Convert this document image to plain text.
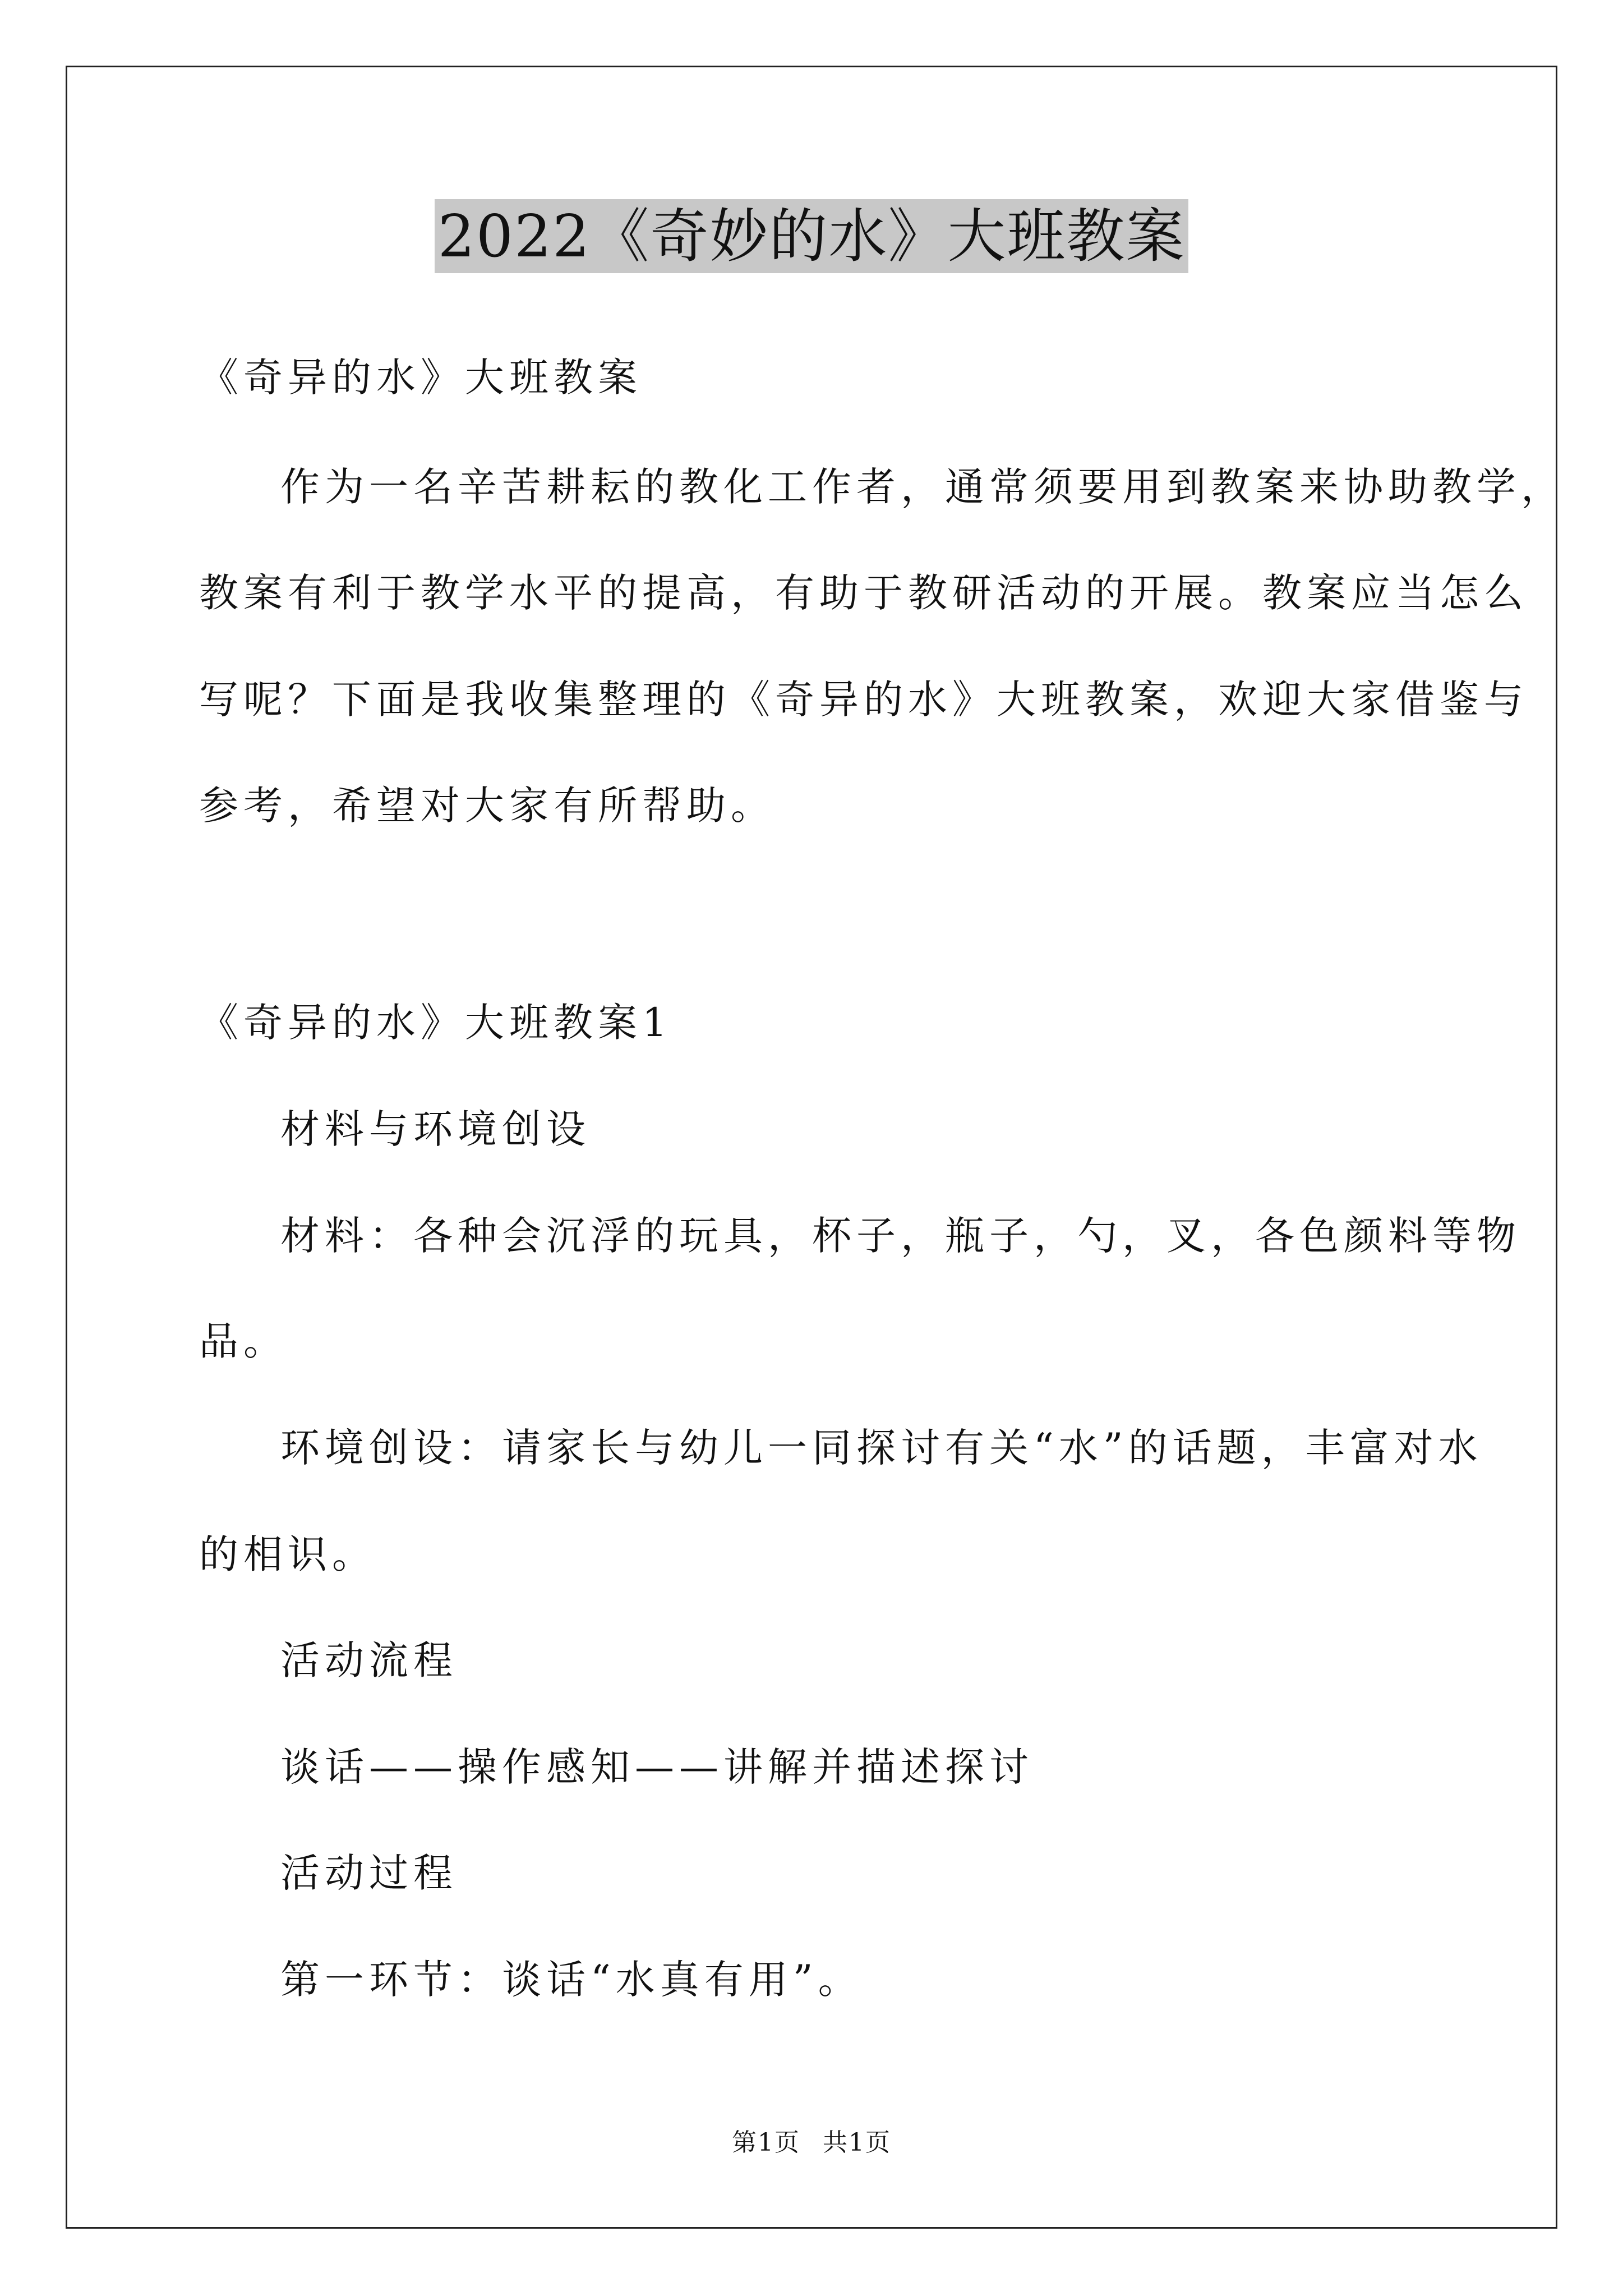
2022《奇妙的水》大班教案
《奇异的水》大班教案
作为一名辛苦耕耘的教化工作者，通常须要用到教案来协助教学，
教案有利于教学水平的提高，有助于教研活动的开展。教案应当怎么
写呢？下面是我收集整理的《奇异的水》大班教案，欢迎大家借鉴与
参考，希望对大家有所帮助。
《奇异的水》大班教案1
材料与环境创设
材料：各种会沉浮的玩具，杯子，瓶子，勺，叉，各色颜料等物
品。
环境创设：请家长与幼儿一同探讨有关“水”的话题，丰富对水
的相识。
活动流程
谈话——操作感知——讲解并描述探讨
活动过程
第一环节：谈话“水真有用”。
第1页 共1页
